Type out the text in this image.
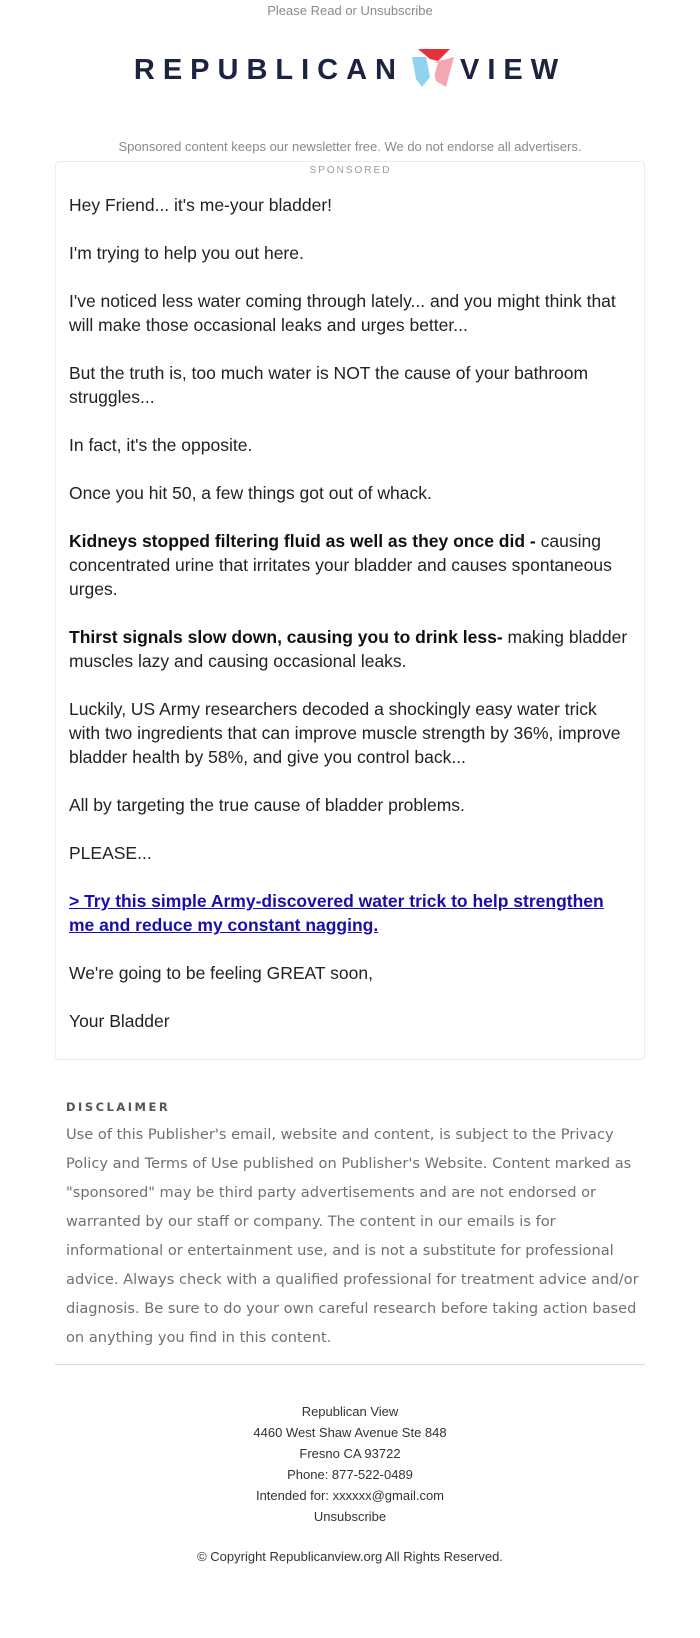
Please Read or Unsubscribe
REPUBLICAN VIEW
Sponsored content keeps our newsletter free. We do not endorse all advertisers.
SPONSORED

Hey Friend... it's me-your bladder!

I'm trying to help you out here.

I've noticed less water coming through lately... and you might think that will make those occasional leaks and urges better...

But the truth is, too much water is NOT the cause of your bathroom struggles...

In fact, it's the opposite.

Once you hit 50, a few things got out of whack.

Kidneys stopped filtering fluid as well as they once did - causing concentrated urine that irritates your bladder and causes spontaneous urges.

Thirst signals slow down, causing you to drink less- making bladder muscles lazy and causing occasional leaks.

Luckily, US Army researchers decoded a shockingly easy water trick with two ingredients that can improve muscle strength by 36%, improve bladder health by 58%, and give you control back...

All by targeting the true cause of bladder problems.

PLEASE...

> Try this simple Army-discovered water trick to help strengthen me and reduce my constant nagging.

We're going to be feeling GREAT soon,

Your Bladder

DISCLAIMER
Use of this Publisher's email, website and content, is subject to the Privacy Policy and Terms of Use published on Publisher's Website. Content marked as "sponsored" may be third party advertisements and are not endorsed or warranted by our staff or company. The content in our emails is for informational or entertainment use, and is not a substitute for professional advice. Always check with a qualified professional for treatment advice and/or diagnosis. Be sure to do your own careful research before taking action based on anything you find in this content.
Republican View
4460 West Shaw Avenue Ste 848
Fresno CA 93722
Phone: 877-522-0489
Intended for: xxxxxx@gmail.com
Unsubscribe
© Copyright Republicanview.org All Rights Reserved.
